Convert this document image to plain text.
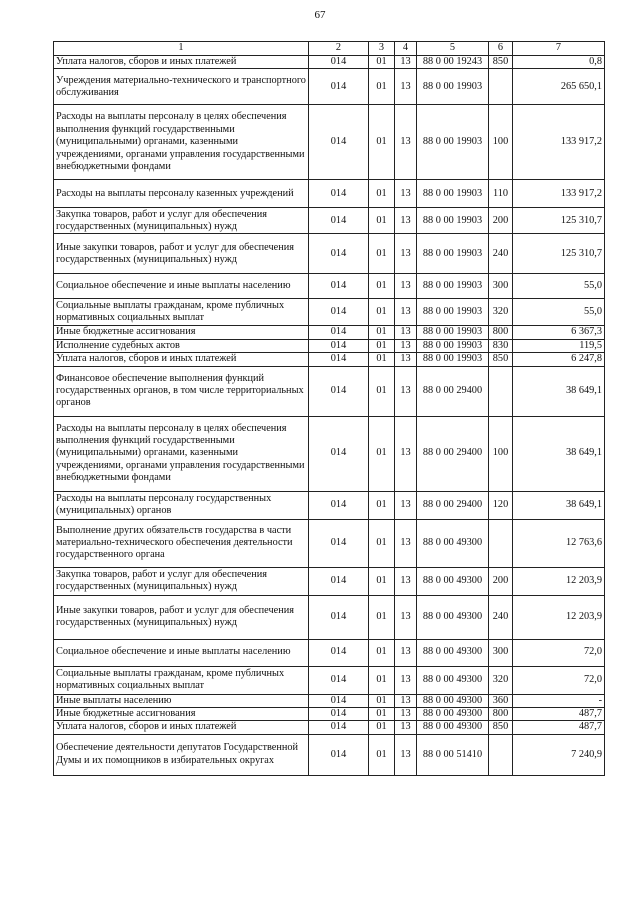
67
1	2	3	4	5	6	7
Уплата налогов, сборов и иных платежей	014	01	13	88 0 00 19243	850	0,8
Учреждения материально-технического и транспортного обслуживания	014	01	13	88 0 00 19903		265 650,1
Расходы на выплаты персоналу в целях обеспечения выполнения функций государственными (муниципальными) органами, казенными учреждениями, органами управления государственными внебюджетными фондами	014	01	13	88 0 00 19903	100	133 917,2
Расходы на выплаты персоналу казенных учреждений	014	01	13	88 0 00 19903	110	133 917,2
Закупка товаров, работ и услуг для обеспечения государственных (муниципальных) нужд	014	01	13	88 0 00 19903	200	125 310,7
Иные закупки товаров, работ и услуг для обеспечения государственных (муниципальных) нужд	014	01	13	88 0 00 19903	240	125 310,7
Социальное обеспечение и иные выплаты населению	014	01	13	88 0 00 19903	300	55,0
Социальные выплаты гражданам, кроме публичных нормативных социальных выплат	014	01	13	88 0 00 19903	320	55,0
Иные бюджетные ассигнования	014	01	13	88 0 00 19903	800	6 367,3
Исполнение судебных актов	014	01	13	88 0 00 19903	830	119,5
Уплата налогов, сборов и иных платежей	014	01	13	88 0 00 19903	850	6 247,8
Финансовое обеспечение выполнения функций государственных органов, в том числе территориальных органов	014	01	13	88 0 00 29400		38 649,1
Расходы на выплаты персоналу в целях обеспечения выполнения функций государственными (муниципальными) органами, казенными учреждениями, органами управления государственными внебюджетными фондами	014	01	13	88 0 00 29400	100	38 649,1
Расходы на выплаты персоналу государственных (муниципальных) органов	014	01	13	88 0 00 29400	120	38 649,1
Выполнение других обязательств государства в части материально-технического обеспечения деятельности государственного органа	014	01	13	88 0 00 49300		12 763,6
Закупка товаров, работ и услуг для обеспечения государственных (муниципальных) нужд	014	01	13	88 0 00 49300	200	12 203,9
Иные закупки товаров, работ и услуг для обеспечения государственных (муниципальных) нужд	014	01	13	88 0 00 49300	240	12 203,9
Социальное обеспечение и иные выплаты населению	014	01	13	88 0 00 49300	300	72,0
Социальные выплаты гражданам, кроме публичных нормативных социальных выплат	014	01	13	88 0 00 49300	320	72,0
Иные выплаты населению	014	01	13	88 0 00 49300	360	-
Иные бюджетные ассигнования	014	01	13	88 0 00 49300	800	487,7
Уплата налогов, сборов и иных платежей	014	01	13	88 0 00 49300	850	487,7
Обеспечение деятельности депутатов Государственной Думы и их помощников в избирательных округах	014	01	13	88 0 00 51410		7 240,9
